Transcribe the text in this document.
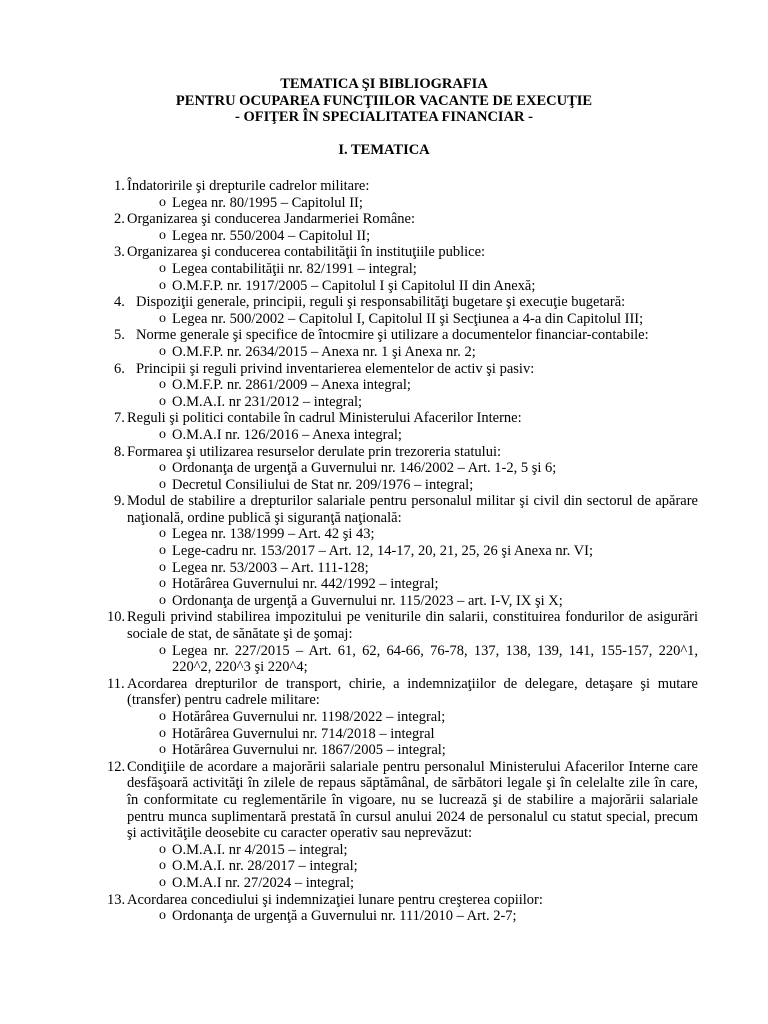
TEMATICA ŞI BIBLIOGRAFIA
PENTRU OCUPAREA FUNCŢIILOR VACANTE DE EXECUŢIE
- OFIŢER ÎN SPECIALITATEA FINANCIAR -
I. TEMATICA
1. Îndatoririle şi drepturile cadrelor militare:
o Legea nr. 80/1995 – Capitolul II;
2. Organizarea şi conducerea Jandarmeriei Române:
o Legea nr. 550/2004 – Capitolul II;
3. Organizarea şi conducerea contabilităţii în instituţiile publice:
o Legea contabilităţii nr. 82/1991 – integral;
o O.M.F.P. nr. 1917/2005 – Capitolul I şi Capitolul II din Anexă;
4. Dispoziţii generale, principii, reguli şi responsabilităţi bugetare şi execuţie bugetară:
o Legea nr. 500/2002 – Capitolul I, Capitolul II şi Secţiunea a 4-a din Capitolul III;
5. Norme generale şi specifice de întocmire şi utilizare a documentelor financiar-contabile:
o O.M.F.P. nr. 2634/2015 – Anexa nr. 1 şi Anexa nr. 2;
6. Principii şi reguli privind inventarierea elementelor de activ şi pasiv:
o O.M.F.P. nr. 2861/2009 – Anexa integral;
o O.M.A.I. nr 231/2012 – integral;
7. Reguli şi politici contabile în cadrul Ministerului Afacerilor Interne:
o O.M.A.I nr. 126/2016 – Anexa integral;
8. Formarea şi utilizarea resurselor derulate prin trezoreria statului:
o Ordonanţa de urgenţă a Guvernului nr. 146/2002 – Art. 1-2, 5 şi 6;
o Decretul Consiliului de Stat nr. 209/1976 – integral;
9. Modul de stabilire a drepturilor salariale pentru personalul militar şi civil din sectorul de apărare naţională, ordine publică şi siguranţă naţională:
o Legea nr. 138/1999 – Art. 42 şi 43;
o Lege-cadru nr. 153/2017 – Art. 12, 14-17, 20, 21, 25, 26 şi Anexa nr. VI;
o Legea nr. 53/2003 – Art. 111-128;
o Hotărârea Guvernului nr. 442/1992 – integral;
o Ordonanţa de urgenţă a Guvernului nr. 115/2023 – art. I-V, IX şi X;
10. Reguli privind stabilirea impozitului pe veniturile din salarii, constituirea fondurilor de asigurări sociale de stat, de sănătate şi de şomaj:
o Legea nr. 227/2015 – Art. 61, 62, 64-66, 76-78, 137, 138, 139, 141, 155-157, 220^1, 220^2, 220^3 şi 220^4;
11. Acordarea drepturilor de transport, chirie, a indemnizaţiilor de delegare, detaşare şi mutare (transfer) pentru cadrele militare:
o Hotărârea Guvernului nr. 1198/2022 – integral;
o Hotărârea Guvernului nr. 714/2018 – integral
o Hotărârea Guvernului nr. 1867/2005 – integral;
12. Condiţiile de acordare a majorării salariale pentru personalul Ministerului Afacerilor Interne care desfăşoară activităţi în zilele de repaus săptămânal, de sărbători legale şi în celelalte zile în care, în conformitate cu reglementările în vigoare, nu se lucrează şi de stabilire a majorării salariale pentru munca suplimentară prestată în cursul anului 2024 de personalul cu statut special, precum şi activităţile deosebite cu caracter operativ sau neprevăzut:
o O.M.A.I. nr 4/2015 – integral;
o O.M.A.I. nr. 28/2017 – integral;
o O.M.A.I nr. 27/2024 – integral;
13. Acordarea concediului şi indemnizaţiei lunare pentru creşterea copiilor:
o Ordonanţa de urgenţă a Guvernului nr. 111/2010 – Art. 2-7;
